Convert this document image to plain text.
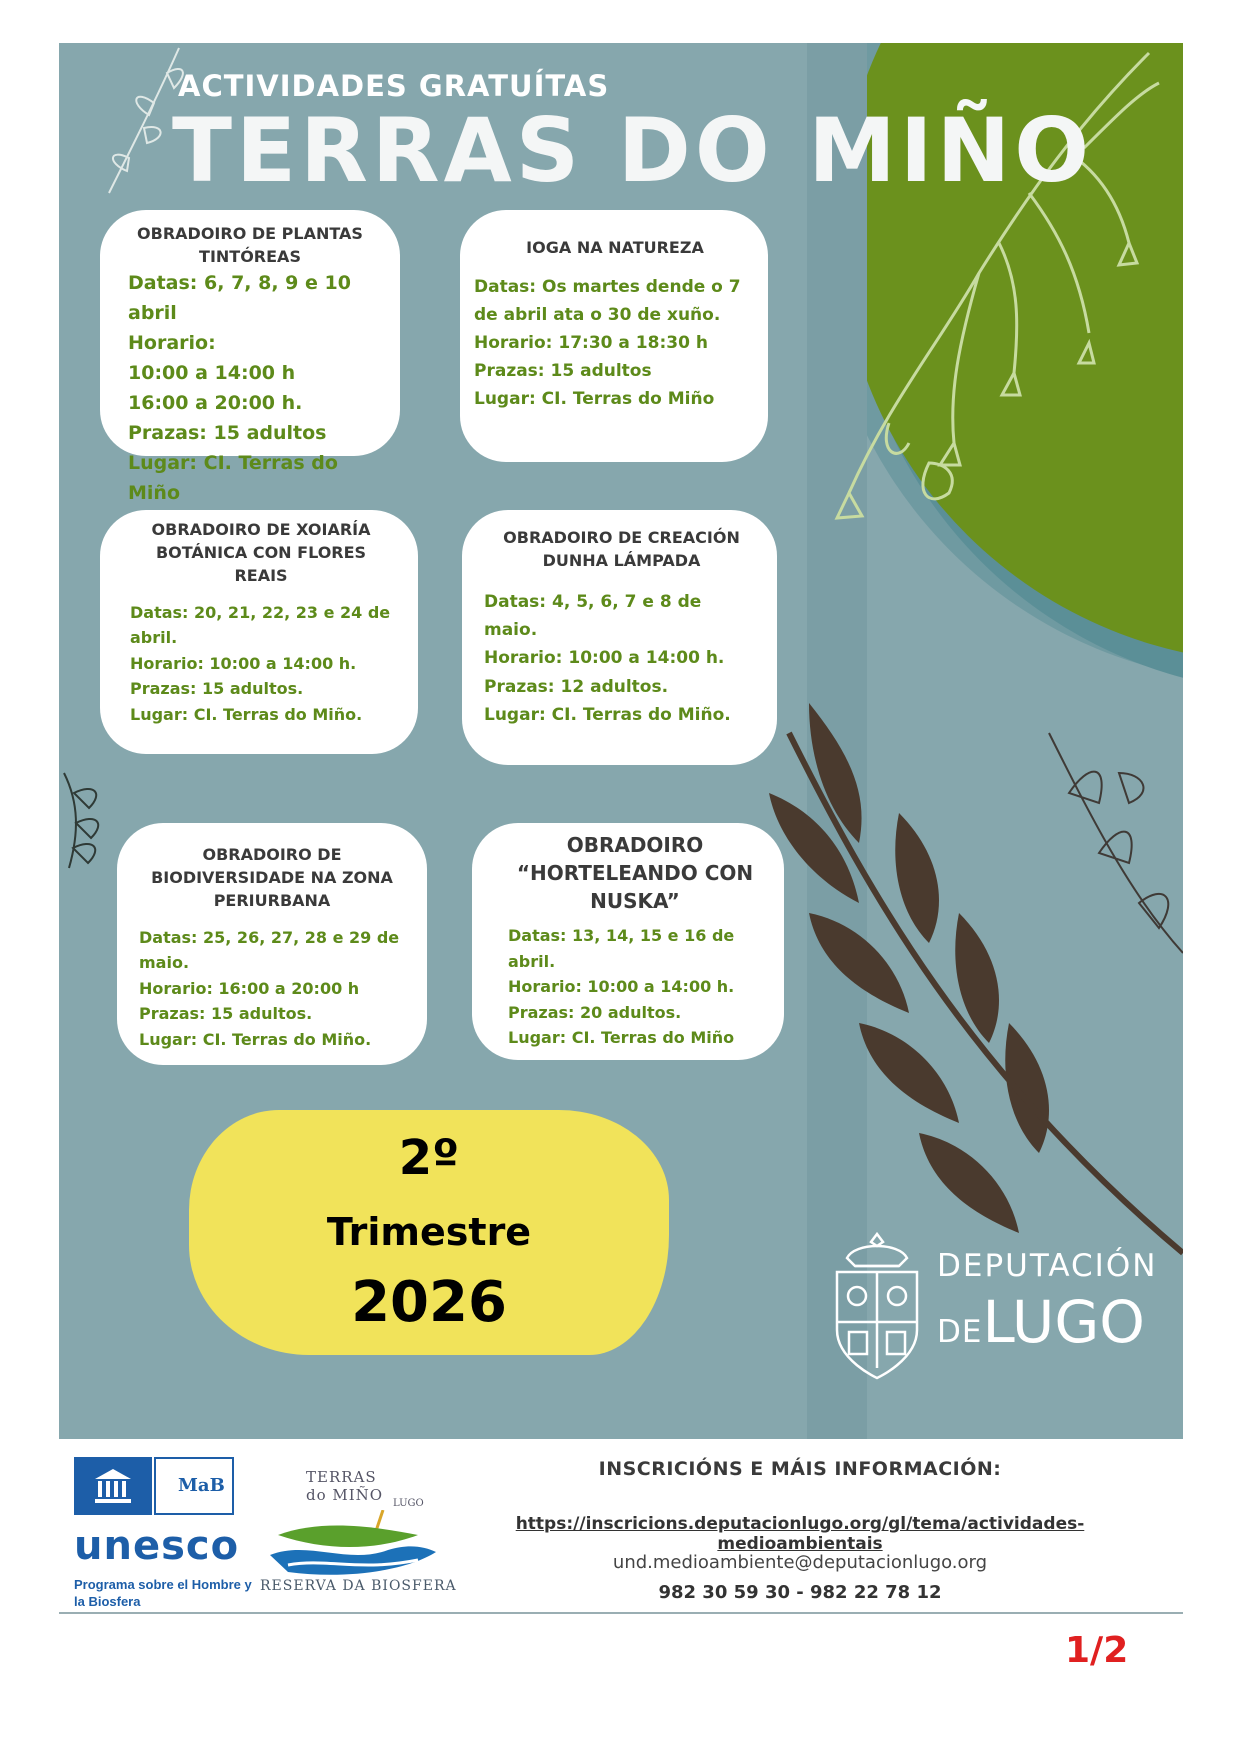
ACTIVIDADES GRATUÍTAS
TERRAS DO MIÑO
OBRADOIRO DE PLANTAS TINTÓREAS

Datas: 6, 7, 8, 9 e 10 abril

Horario:

10:00 a 14:00 h

16:00 a 20:00 h.

Prazas: 15 adultos

Lugar: CI. Terras do Miño

IOGA NA NATUREZA

Datas: Os martes dende o 7 de abril ata o 30 de xuño.

Horario: 17:30 a 18:30 h

Prazas: 15 adultos

Lugar: CI. Terras do Miño

OBRADOIRO DE XOIARÍA BOTÁNICA CON FLORES REAIS

Datas: 20, 21, 22, 23 e 24 de abril.

Horario: 10:00 a 14:00 h.

Prazas: 15 adultos.

Lugar: CI. Terras do Miño.

OBRADOIRO DE CREACIÓN DUNHA LÁMPADA

Datas: 4, 5, 6, 7 e 8 de maio.

Horario: 10:00 a 14:00 h.

Prazas: 12 adultos.

Lugar: CI. Terras do Miño.

OBRADOIRO DE BIODIVERSIDADE NA ZONA PERIURBANA

Datas: 25, 26, 27, 28 e 29 de maio.

Horario: 16:00 a 20:00 h

Prazas: 15 adultos.

Lugar: CI. Terras do Miño.

OBRADOIRO “HORTELEANDO CON NUSKA”

Datas: 13, 14, 15 e 16 de abril.

Horario: 10:00 a 14:00 h.

Prazas: 20 adultos.

Lugar: CI. Terras do Miño

2º
Trimestre
2026
DEPUTACIÓN
DELUGO
MaB
unesco
Programa sobre el Hombre y la Biosfera
TERRAS
do MIÑO LUGO
RESERVA DA BIOSFERA
INSCRICIÓNS E MÁIS INFORMACIÓN:
https://inscricions.deputacionlugo.org/gl/tema/actividades-medioambientais
und.medioambiente@deputacionlugo.org
982 30 59 30 - 982 22 78 12
1/2
